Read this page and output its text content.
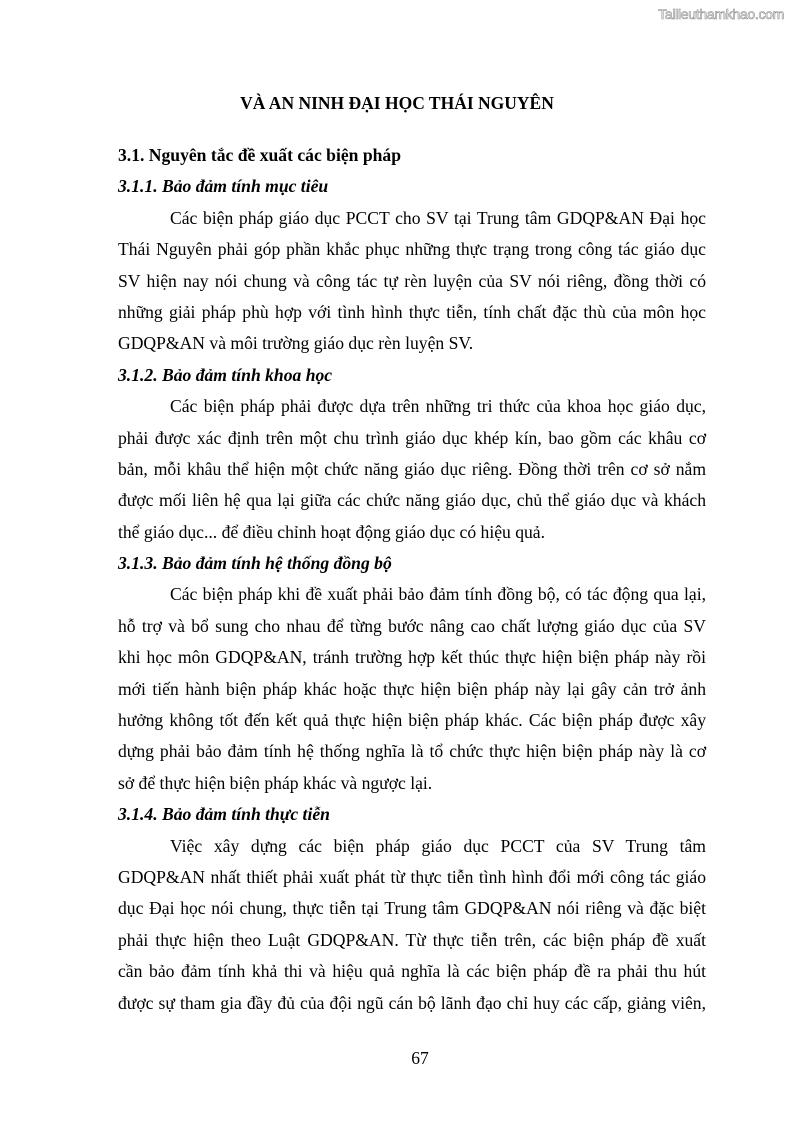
Tailieuthamkhao.com
VÀ AN NINH ĐẠI HỌC THÁI NGUYÊN
3.1. Nguyên tắc đề xuất các biện pháp
3.1.1. Bảo đảm tính mục tiêu
Các biện pháp giáo dục PCCT cho SV tại Trung tâm GDQP&AN Đại học
Thái Nguyên phải góp phần khắc phục những thực trạng trong công tác giáo dục
SV hiện nay nói chung và công tác tự rèn luyện của SV nói riêng, đồng thời có
những giải pháp phù hợp với tình hình thực tiễn, tính chất đặc thù của môn học
GDQP&AN và môi trường giáo dục rèn luyện SV.
3.1.2. Bảo đảm tính khoa học
Các biện pháp phải được dựa trên những tri thức của khoa học giáo dục,
phải được xác định trên một chu trình giáo dục khép kín, bao gồm các khâu cơ
bản, mỗi khâu thể hiện một chức năng giáo dục riêng. Đồng thời trên cơ sở nắm
được mối liên hệ qua lại giữa các chức năng giáo dục, chủ thể giáo dục và khách
thể giáo dục... để điều chỉnh hoạt động giáo dục có hiệu quả.
3.1.3. Bảo đảm tính hệ thống đồng bộ
Các biện pháp khi đề xuất phải bảo đảm tính đồng bộ, có tác động qua lại,
hỗ trợ và bổ sung cho nhau để từng bước nâng cao chất lượng giáo dục của SV
khi học môn GDQP&AN, tránh trường hợp kết thúc thực hiện biện pháp này rồi
mới tiến hành biện pháp khác hoặc thực hiện biện pháp này lại gây cản trở ảnh
hưởng không tốt đến kết quả thực hiện biện pháp khác. Các biện pháp được xây
dựng phải bảo đảm tính hệ thống nghĩa là tổ chức thực hiện biện pháp này là cơ
sở để thực hiện biện pháp khác và ngược lại.
3.1.4. Bảo đảm tính thực tiễn
Việc xây dựng các biện pháp giáo dục PCCT của SV Trung tâm
GDQP&AN nhất thiết phải xuất phát từ thực tiễn tình hình đổi mới công tác giáo
dục Đại học nói chung, thực tiễn tại Trung tâm GDQP&AN nói riêng và đặc biệt
phải thực hiện theo Luật GDQP&AN. Từ thực tiễn trên, các biện pháp đề xuất
cần bảo đảm tính khả thi và hiệu quả nghĩa là các biện pháp đề ra phải thu hút
được sự tham gia đầy đủ của đội ngũ cán bộ lãnh đạo chỉ huy các cấp, giảng viên,
67
